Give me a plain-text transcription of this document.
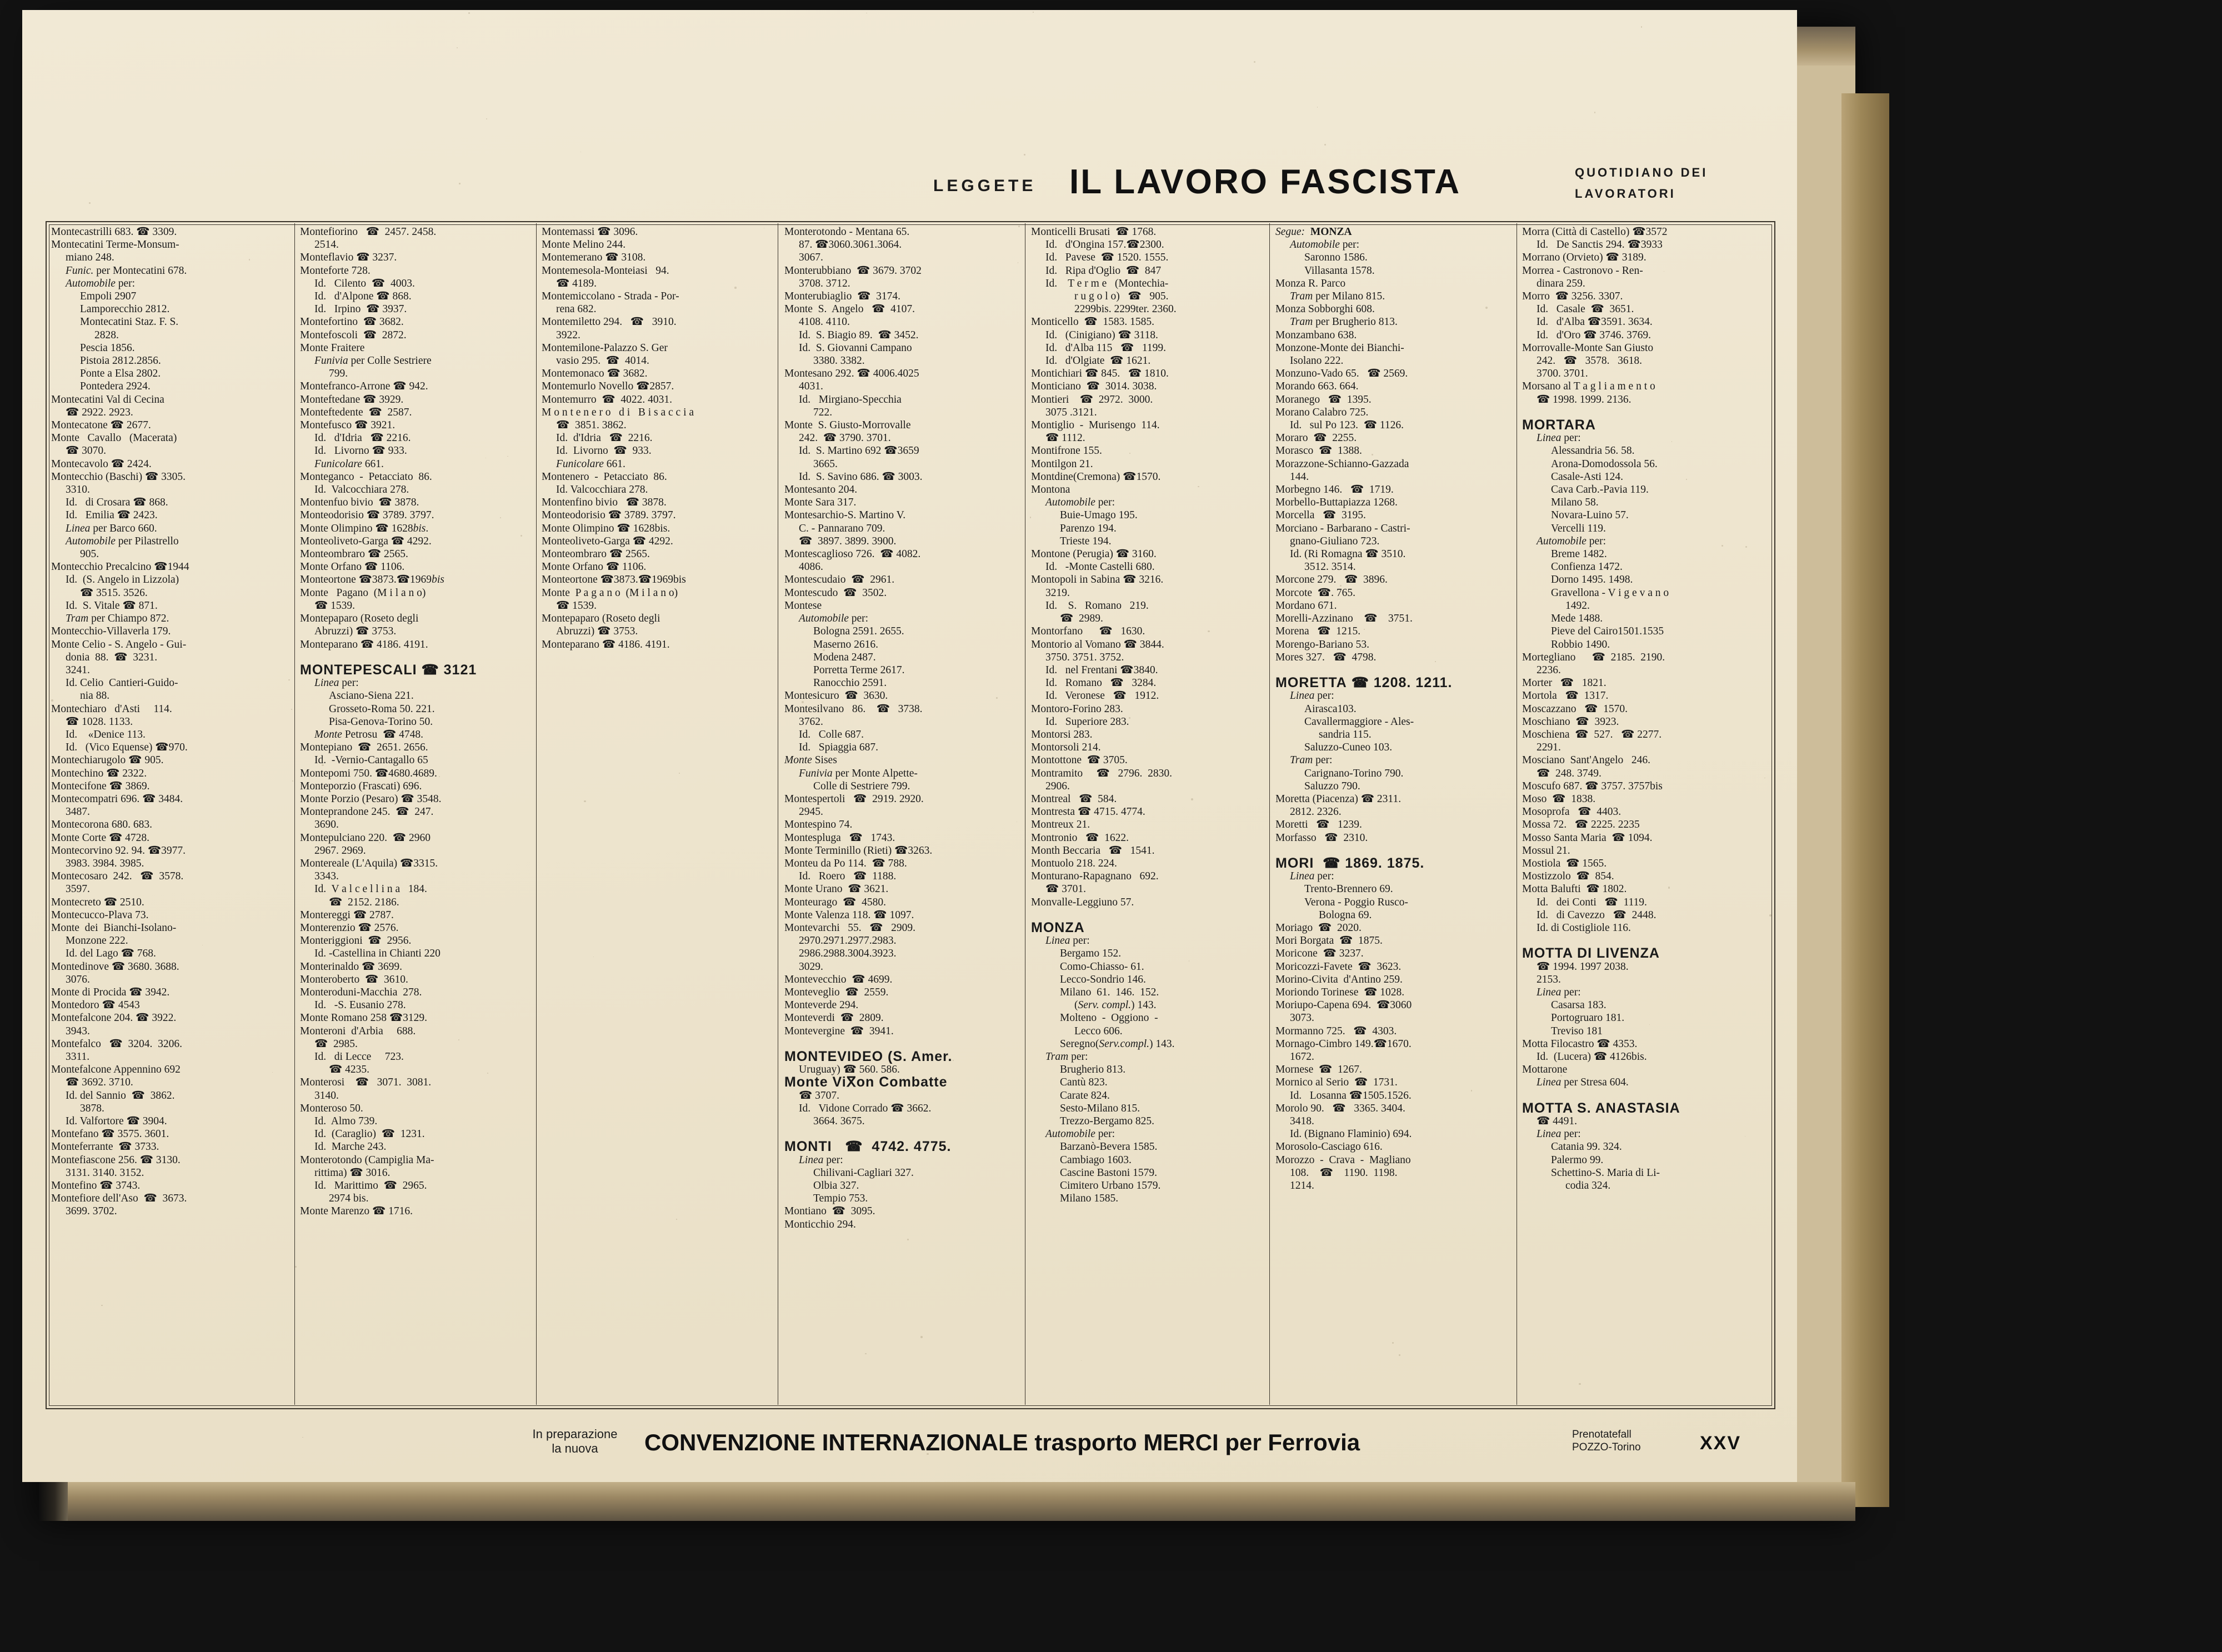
LEGGETE IL LAVORO FASCISTA	QUOTIDIANO DEI
LAVORATORI

Montecastrilli 683. ☎ 3309.

Montecatini Terme-Monsum-

miano 248.

Funic. per Montecatini 678.

Automobile per:

Empoli 2907

Lamporecchio 2812.

Montecatini Staz. F. S.

2828.

Pescia 1856.

Pistoia 2812.2856.

Ponte a Elsa 2802.

Pontedera 2924.

Montecatini Val di Cecina

☎ 2922. 2923.

Montecatone ☎ 2677.

Monte   Cavallo   (Macerata)

☎ 3070.

Montecavolo ☎ 2424.

Montecchio (Baschi) ☎ 3305.

3310.

Id.   di Crosara ☎ 868.

Id.   Emilia ☎ 2423.

Linea per Barco 660.

Automobile per Pilastrello

905.

Montecchio Precalcino ☎1944

Id.  (S. Angelo in Lizzola)

☎ 3515. 3526.

Id.  S. Vitale ☎ 871.

Tram per Chiampo 872.

Montecchio-Villaverla 179.

Monte Celio - S. Angelo - Gui-

donia  88.  ☎  3231.

3241.

Id. Celio  Cantieri-Guido-

nia 88.

Montechiaro   d'Asti     114.

☎ 1028. 1133.

Id.    «Denice 113.

Id.   (Vico Equense) ☎970.

Montechiarugolo ☎ 905.

Montechino ☎ 2322.

Montecifone ☎ 3869.

Montecompatri 696. ☎ 3484.

3487.

Montecorona 680. 683.

Monte Corte ☎ 4728.

Montecorvino 92. 94. ☎3977.

3983. 3984. 3985.

Montecosaro  242.   ☎  3578.

3597.

Montecreto ☎ 2510.

Montecucco-Plava 73.

Monte  dei  Bianchi-Isolano-

Monzone 222.

Id. del Lago ☎ 768.

Montedinove ☎ 3680. 3688.

3076.

Monte di Procida ☎ 3942.

Montedoro ☎ 4543

Montefalcone 204. ☎ 3922.

3943.

Montefalco   ☎  3204.  3206.

3311.

Montefalcone Appennino 692

☎ 3692. 3710.

Id. del Sannio  ☎  3862.

3878.

Id. Valfortore ☎ 3904.

Montefano ☎ 3575. 3601.

Monteferrante  ☎ 3733.

Montefiascone 256. ☎ 3130.

3131. 3140. 3152.

Montefino ☎ 3743.

Montefiore dell'Aso  ☎  3673.

3699. 3702.

Montefiorino   ☎  2457. 2458.

2514.

Monteflavio ☎ 3237.

Monteforte 728.

Id.   Cilento  ☎  4003.

Id.   d'Alpone ☎ 868.

Id.   Irpino  ☎ 3937.

Montefortino  ☎ 3682.

Montefoscoli  ☎  2872.

Monte Fraitere

Funivia per Colle Sestriere

799.

Montefranco-Arrone ☎ 942.

Monteftedane ☎ 3929.

Monteftedente  ☎  2587.

Montefusco ☎ 3921.

Id.   d'Idria   ☎ 2216.

Id.   Livorno ☎ 933.

Funicolare 661.

Monteganco  -  Petacciato  86.

Id.  Valcocchiara 278.

Montenfuo bivio  ☎ 3878.

Monteodorisio ☎ 3789. 3797.

Monte Olimpino ☎ 1628bis.

Monteoliveto-Garga ☎ 4292.

Monteombraro ☎ 2565.

Monte Orfano ☎ 1106.

Monteortone ☎3873.☎1969bis

Monte   Pagano  (M i l a n o)

☎ 1539.

Montepaparo (Roseto degli

Abruzzi) ☎ 3753.

Monteparano ☎ 4186. 4191.

MONTEPESCALI ☎ 3121

Linea per:

Asciano-Siena 221.

Grosseto-Roma 50. 221.

Pisa-Genova-Torino 50.

Monte Petrosu  ☎ 4748.

Montepiano  ☎  2651. 2656.

Id.  -Vernio-Cantagallo 65

Montepomi 750. ☎4680.4689.

Monteporzio (Frascati) 696.

Monte Porzio (Pesaro) ☎ 3548.

Monteprandone 245.  ☎  247.

3690.

Montepulciano 220.  ☎ 2960

2967. 2969.

Montereale (L'Aquila) ☎3315.

3343.

Id.  V a l c e l l i n a   184.

☎  2152. 2186.

Montereggi ☎ 2787.

Monterenzio ☎ 2576.

Monteriggioni  ☎  2956.

Id. -Castellina in Chianti 220

Monterinaldo ☎ 3699.

Monteroberto  ☎  3610.

Monteroduni-Macchia  278.

Id.   -S. Eusanio 278.

Monte Romano 258 ☎3129.

Monteroni  d'Arbia     688.

☎  2985.

Id.   di Lecce     723.

☎ 4235.

Monterosi    ☎   3071.  3081.

3140.

Monteroso 50.

Id.  Almo 739.

Id.  (Caraglio)  ☎  1231.

Id.  Marche 243.

Monterotondo (Campiglia Ma-

rittima) ☎ 3016.

Id.   Marittimo  ☎  2965.

2974 bis.

Monte Marenzo ☎ 1716.

Montemassi ☎ 3096.

Monte Melino 244.

Montemerano ☎ 3108.

Montemesola-Monteiasi   94.

☎ 4189.

Montemiccolano - Strada - Por-

rena 682.

Montemiletto 294.   ☎   3910.

3922.

Montemilone-Palazzo S. Ger

vasio 295.  ☎  4014.

Montemonaco ☎ 3682.

Montemurlo Novello ☎2857.

Montemurro  ☎  4022. 4031.

M o n t e n e r o   d i   B i s a c c i a

☎  3851. 3862.

Id.  d'Idria   ☎  2216.

Id.  Livorno  ☎  933.

Funicolare 661.

Montenero  -  Petacciato  86.

Id. Valcocchiara 278.

Montenfino bivio   ☎ 3878.

Monteodorisio ☎ 3789. 3797.

Monte Olimpino ☎ 1628bis.

Monteoliveto-Garga ☎ 4292.

Monteombraro ☎ 2565.

Monte Orfano ☎ 1106.

Monteortone ☎3873.☎1969bis

Monte  P a g a n o  (M i l a n o)

☎ 1539.

Montepaparo (Roseto degli

Abruzzi) ☎ 3753.

Monteparano ☎ 4186. 4191.

Monterotondo - Mentana 65.

87. ☎3060.3061.3064.

3067.

Monterubbiano  ☎ 3679. 3702

3708. 3712.

Monterubiaglio  ☎  3174.

Monte  S.  Angelo   ☎  4107.

4108. 4110.

Id.  S. Biagio 89.  ☎ 3452.

Id.  S. Giovanni Campano

3380. 3382.

Montesano 292. ☎ 4006.4025

4031.

Id.   Mirgiano-Specchia

722.

Monte  S. Giusto-Morrovalle

242.  ☎ 3790. 3701.

Id.  S. Martino 692 ☎3659

3665.

Id.  S. Savino 686. ☎ 3003.

Montesanto 204.

Monte Sara 317.

Montesarchio-S. Martino V.

C. - Pannarano 709.

☎  3897. 3899. 3900.

Montescaglioso 726.  ☎ 4082.

4086.

Montescudaio  ☎  2961.

Montescudo  ☎  3502.

Montese

Automobile per:

Bologna 2591. 2655.

Maserno 2616.

Modena 2487.

Porretta Terme 2617.

Ranocchio 2591.

Montesicuro  ☎  3630.

Montesilvano   86.    ☎   3738.

3762.

Id.   Colle 687.

Id.   Spiaggia 687.

Monte Sises

Funivia per Monte Alpette-

Colle di Sestriere 799.

Montespertoli   ☎  2919. 2920.

2945.

Montespino 74.

Montespluga   ☎   1743.

Monte Terminillo (Rieti) ☎3263.

Monteu da Po 114.  ☎ 788.

Id.   Roero   ☎  1188.

Monte Urano  ☎ 3621.

Monteurago  ☎  4580.

Monte Valenza 118. ☎ 1097.

Montevarchi   55.   ☎   2909.

2970.2971.2977.2983.

2986.2988.3004.3923.

3029.

Montevecchio  ☎ 4699.

Monteveglio  ☎  2559.

Monteverde 294.

Monteverdi  ☎  2809.

Montevergine  ☎  3941.

MONTEVIDEO (S. Amer.

Uruguay) ☎ 560. 586.

Monte Viⴳon Combatte

☎ 3707.

Id.   Vidone Corrado ☎ 3662.

3664. 3675.

MONTI   ☎  4742. 4775.

Linea per:

Chilivani-Cagliari 327.

Olbia 327.

Tempio 753.

Montiano  ☎  3095.

Monticchio 294.

Monticelli Brusati  ☎ 1768.

Id.   d'Ongina 157.☎2300.

Id.   Pavese  ☎ 1520. 1555.

Id.   Ripa d'Oglio  ☎  847

Id.    T e r m e   (Montechia-

r u g o l o)   ☎   905.

2299bis. 2299ter. 2360.

Monticello  ☎  1583. 1585.

Id.   (Cinigiano) ☎ 3118.

Id.   d'Alba 115   ☎   1199.

Id.   d'Olgiate  ☎ 1621.

Montichiari ☎ 845.   ☎ 1810.

Monticiano  ☎  3014. 3038.

Montieri    ☎  2972.  3000.

3075 .3121.

Montiglio  -  Murisengo  114.

☎ 1112.

Montifrone 155.

Montilgon 21.

Montdine(Cremona) ☎1570.

Montona

Automobile per:

Buie-Umago 195.

Parenzo 194.

Trieste 194.

Montone (Perugia) ☎ 3160.

Id.   -Monte Castelli 680.

Montopoli in Sabina ☎ 3216.

3219.

Id.    S.   Romano   219.

☎  2989.

Montorfano      ☎   1630.

Montorio al Vomano ☎ 3844.

3750. 3751. 3752.

Id.   nel Frentani ☎3840.

Id.   Romano   ☎   3284.

Id.   Veronese   ☎   1912.

Montoro-Forino 283.

Id.   Superiore 283.

Montorsi 283.

Montorsoli 214.

Montottone  ☎ 3705.

Montramito     ☎   2796.  2830.

2906.

Montreal   ☎  584.

Montresta ☎ 4715. 4774.

Montreux 21.

Montronio   ☎  1622.

Month Beccaria   ☎   1541.

Montuolo 218. 224.

Monturano-Rapagnano   692.

☎ 3701.

Monvalle-Leggiuno 57.

MONZA

Linea per:

Bergamo 152.

Como-Chiasso- 61.

Lecco-Sondrio 146.

Milano  61.  146.  152.

(Serv. compl.) 143.

Molteno  -  Oggiono  -

Lecco 606.

Seregno(Serv.compl.) 143.

Tram per:

Brugherio 813.

Cantù 823.

Carate 824.

Sesto-Milano 815.

Trezzo-Bergamo 825.

Automobile per:

Barzanò-Bevera 1585.

Cambiago 1603.

Cascine Bastoni 1579.

Cimitero Urbano 1579.

Milano 1585.

Segue: MONZA

Automobile per:

Saronno 1586.

Villasanta 1578.

Monza R. Parco

Tram per Milano 815.

Monza Sobborghi 608.

Tram per Brugherio 813.

Monzambano 638.

Monzone-Monte dei Bianchi-

Isolano 222.

Monzuno-Vado 65.   ☎ 2569.

Morando 663. 664.

Moranego   ☎  1395.

Morano Calabro 725.

Id.   sul Po 123.  ☎ 1126.

Moraro  ☎  2255.

Morasco  ☎  1388.

Morazzone-Schianno-Gazzada

144.

Morbegno 146.   ☎  1719.

Morbello-Buttapiazza 1268.

Morcella   ☎  3195.

Morciano - Barbarano - Castri-

gnano-Giuliano 723.

Id. (Ri Romagna ☎ 3510.

3512. 3514.

Morcone 279.   ☎  3896.

Morcote  ☎. 765.

Mordano 671.

Morelli-Azzinano    ☎    3751.

Morena   ☎  1215.

Morengo-Bariano 53.

Mores 327.   ☎  4798.

MORETTA ☎ 1208. 1211.

Linea per:

Airasca103.

Cavallermaggiore - Ales-

sandria 115.

Saluzzo-Cuneo 103.

Tram per:

Carignano-Torino 790.

Saluzzo 790.

Moretta (Piacenza) ☎ 2311.

2812. 2326.

Moretti   ☎   1239.

Morfasso   ☎  2310.

MORI  ☎ 1869. 1875.

Linea per:

Trento-Brennero 69.

Verona - Poggio Rusco-

Bologna 69.

Moriago  ☎  2020.

Mori Borgata  ☎  1875.

Moricone  ☎ 3237.

Moricozzi-Favete  ☎  3623.

Morino-Civita  d'Antino 259.

Moriondo Torinese  ☎ 1028.

Moriupo-Capena 694.  ☎3060

3073.

Mormanno 725.   ☎  4303.

Mornago-Cimbro 149.☎1670.

1672.

Mornese  ☎  1267.

Mornico al Serio  ☎  1731.

Id.   Losanna ☎1505.1526.

Morolo 90.   ☎   3365. 3404.

3418.

Id. (Bignano Flaminio) 694.

Morosolo-Casciago 616.

Morozzo  -  Crava  -  Magliano

108.    ☎    1190.  1198.

1214.

Morra (Città di Castello) ☎3572

Id.   De Sanctis 294. ☎3933

Morrano (Orvieto) ☎ 3189.

Morrea - Castronovo - Ren-

dinara 259.

Morro  ☎ 3256. 3307.

Id.   Casale  ☎  3651.

Id.   d'Alba ☎3591. 3634.

Id.   d'Oro ☎ 3746. 3769.

Morrovalle-Monte San Giusto

242.   ☎   3578.   3618.

3700. 3701.

Morsano al T a g l i a m e n t o

☎ 1998. 1999. 2136.

MORTARA

Linea per:

Alessandria 56. 58.

Arona-Domodossola 56.

Casale-Asti 124.

Cava Carb.-Pavia 119.

Milano 58.

Novara-Luino 57.

Vercelli 119.

Automobile per:

Breme 1482.

Confienza 1472.

Dorno 1495. 1498.

Gravellona - V i g e v a n o

1492.

Mede 1488.

Pieve del Cairo1501.1535

Robbio 1490.

Mortegliano      ☎  2185.  2190.

2236.

Morter   ☎   1821.

Mortola   ☎  1317.

Moscazzano   ☎  1570.

Moschiano  ☎  3923.

Moschiena  ☎  527.   ☎ 2277.

2291.

Mosciano  Sant'Angelo   246.

☎  248. 3749.

Moscufo 687. ☎ 3757. 3757bis

Moso  ☎  1838.

Mosoprofa   ☎  4403.

Mossa 72.   ☎ 2225. 2235

Mosso Santa Maria  ☎ 1094.

Mossul 21.

Mostiola  ☎ 1565.

Mostizzolo  ☎  854.

Motta Balufti  ☎ 1802.

Id.   dei Conti   ☎  1119.

Id.   di Cavezzo   ☎  2448.

Id. di Costigliole 116.

MOTTA DI LIVENZA

☎ 1994. 1997 2038.

2153.

Linea per:

Casarsa 183.

Portogruaro 181.

Treviso 181

Motta Filocastro ☎ 4353.

Id.  (Lucera) ☎ 4126bis.

Mottarone

Linea per Stresa 604.

MOTTA S. ANASTASIA

☎ 4491.

Linea per:

Catania 99. 324.

Palermo 99.

Schettino-S. Maria di Li-

codia 324.

In preparazione
la nuova	CONVENZIONE INTERNAZIONALE trasporto MERCI per Ferrovia	Prenotatefall
POZZO-Torino	XXV
